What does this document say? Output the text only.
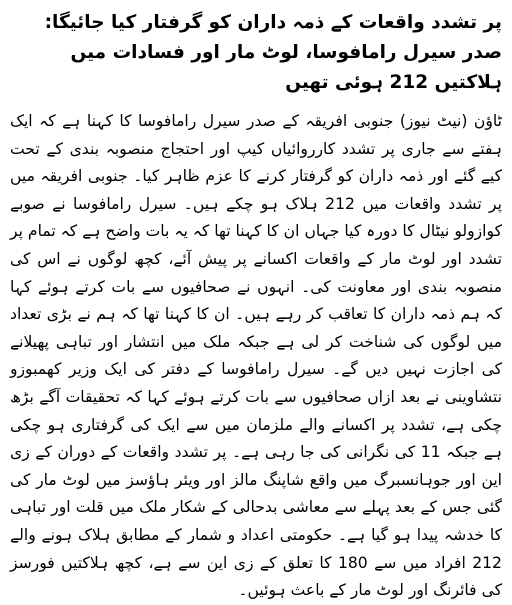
پر تشدد واقعات کے ذمہ داران کو گرفتار کیا جائیگا: صدر سیرل رامافوسا، لوٹ مار اور فسادات میں ہلاکتیں 212 ہوئی تھیں

ٹاؤن (نیٹ نیوز) جنوبی افریقہ کے صدر سیرل رامافوسا کا کہنا ہے کہ ایک ہفتے سے جاری پر تشدد کارروائیاں کیپ اور احتجاج منصوبہ بندی کے تحت کیے گئے اور ذمہ داران کو گرفتار کرنے کا عزم ظاہر کیا۔ جنوبی افریقہ میں پر تشدد واقعات میں 212 ہلاک ہو چکے ہیں۔ سیرل رامافوسا نے صوبے کوازولو نیٹال کا دورہ کیا جہاں ان کا کہنا تھا کہ یہ بات واضح ہے کہ تمام پر تشدد اور لوٹ مار کے واقعات اکسانے پر پیش آئے، کچھ لوگوں نے اس کی منصوبہ بندی اور معاونت کی۔ انہوں نے صحافیوں سے بات کرتے ہوئے کہا کہ ہم ذمہ داران کا تعاقب کر رہے ہیں۔ ان کا کہنا تھا کہ ہم نے بڑی تعداد میں لوگوں کی شناخت کر لی ہے جبکہ ملک میں انتشار اور تباہی پھیلانے کی اجازت نہیں دیں گے۔ سیرل رامافوسا کے دفتر کی ایک وزیر کھمبوزو نتشاوینی نے بعد ازاں صحافیوں سے بات کرتے ہوئے کہا کہ تحقیقات آگے بڑھ چکی ہے، تشدد پر اکسانے والے ملزمان میں سے ایک کی گرفتاری ہو چکی ہے جبکہ 11 کی نگرانی کی جا رہی ہے۔ پر تشدد واقعات کے دوران کے زی این اور جوہانسبرگ میں واقع شاپنگ مالز اور ویئر ہاؤسز میں لوٹ مار کی گئی جس کے بعد پہلے سے معاشی بدحالی کے شکار ملک میں قلت اور تباہی کا خدشہ پیدا ہو گیا ہے۔ حکومتی اعداد و شمار کے مطابق ہلاک ہونے والے 212 افراد میں سے 180 کا تعلق کے زی این سے ہے، کچھ ہلاکتیں فورسز کی فائرنگ اور لوٹ مار کے باعث ہوئیں۔
